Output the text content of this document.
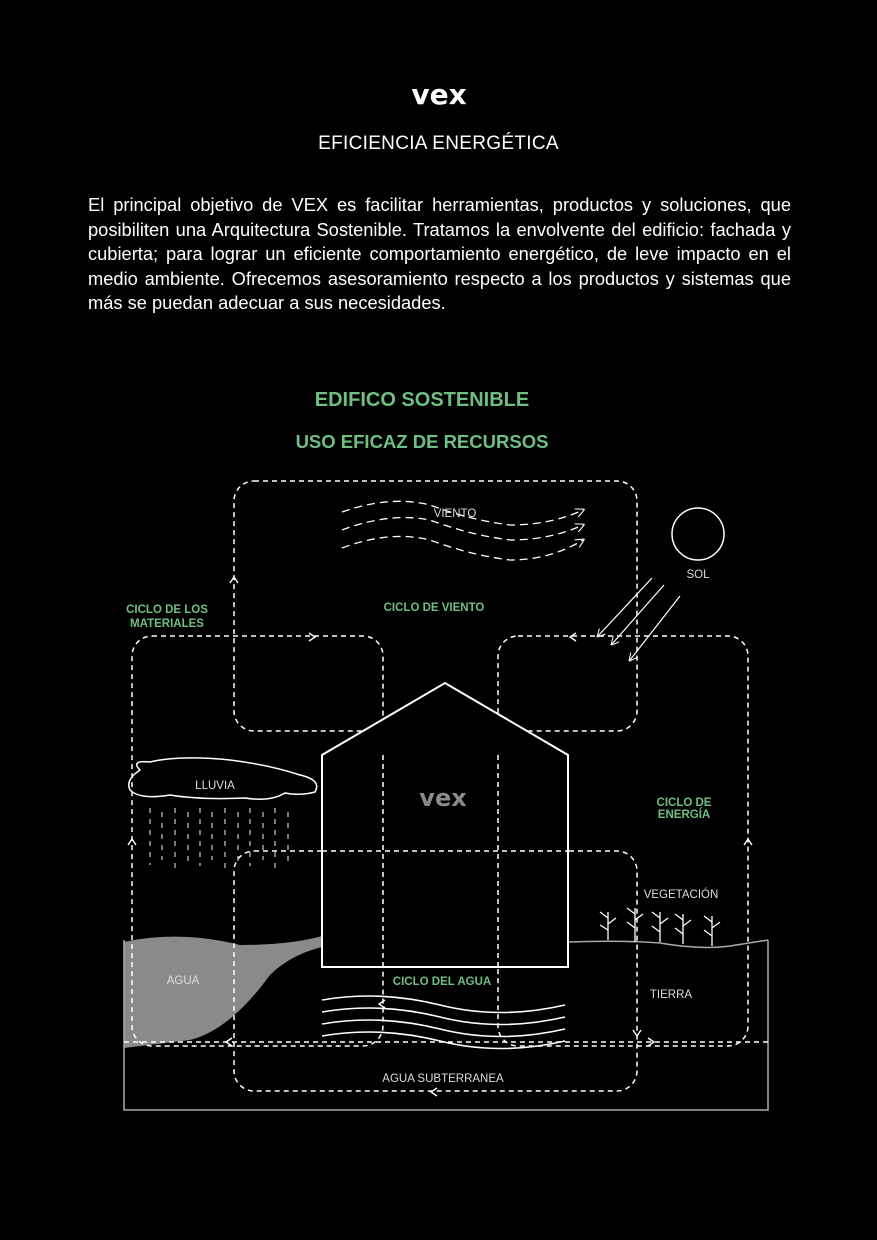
vex
EFICIENCIA ENERGÉTICA

El principal objetivo de VEX es facilitar herramientas, productos y soluciones, que posibiliten una Arquitectura Sostenible. Tratamos la envolvente del edificio: fachada y cubierta; para lograr un eficiente comportamiento energético, de leve impacto en el medio ambiente. Ofrecemos asesoramiento respecto a los productos y sistemas que más se puedan adecuar a sus necesidades.

EDIFICO SOSTENIBLE
USO EFICAZ DE RECURSOS
vex
VIENTO
SOL
LLUVIA
CICLO DE LOS
MATERIALES
CICLO DE VIENTO
CICLO DE
ENERGÍA
CICLO DEL AGUA
VEGETACIÓN
AGUA
TIERRA
AGUA SUBTERRANEA
